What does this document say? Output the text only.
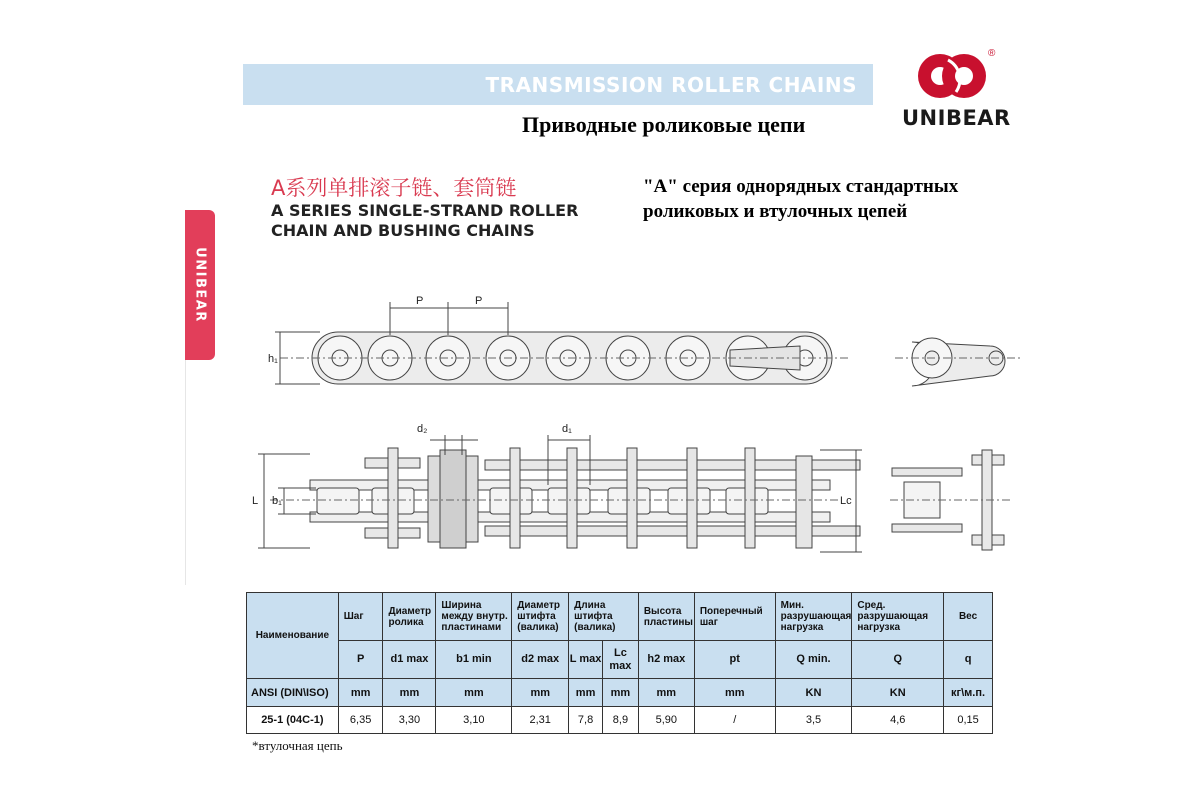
TRANSMISSION ROLLER CHAINS
Приводные роликовые цепи
®
UNIBEAR
UNIBEAR
A系列单排滚子链、套筒链
A SERIES SINGLE-STRAND ROLLER
CHAIN AND BUSHING CHAINS
"A" серия однорядных стандартных
роликовых и втулочных цепей
P	P
h₁
d₂	d₁
L b₁	Lc
Наименование	Шаг	Диаметр ролика	Ширина между внутр. пластинами	Диаметр штифта (валика)	Длина штифта (валика)		Высота пластины	Поперечный шаг	Мин. разрушающая нагрузка	Сред. разрушающая нагрузка	Вес
	P	d1 max	b1 min	d2 max	L max	Lc max	h2 max	pt	Q min.	Q	q
ANSI (DIN\ISO)	mm	mm	mm	mm	mm	mm	mm	mm	KN	KN	кг\м.п.
25-1 (04C-1)	6,35	3,30	3,10	2,31	7,8	8,9	5,90	/	3,5	4,6	0,15
*втулочная цепь
